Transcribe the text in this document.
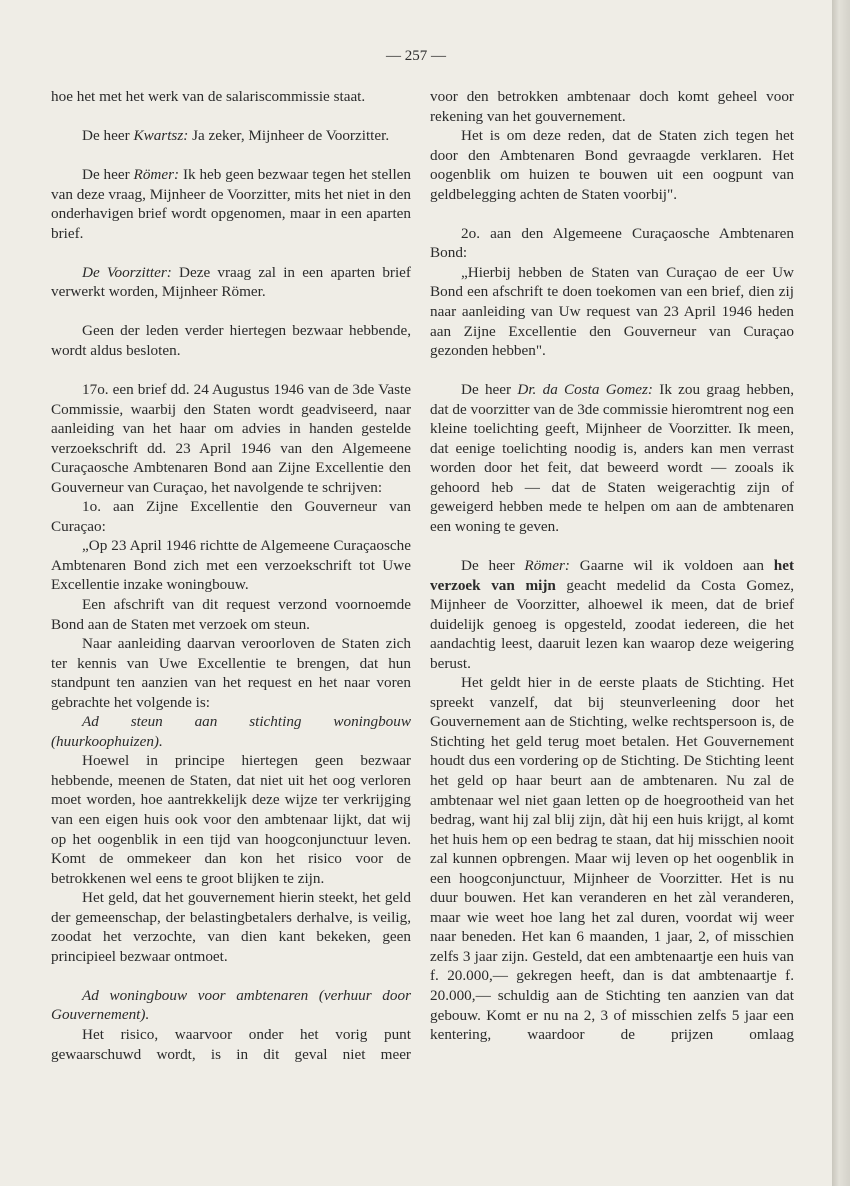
— 257 —

hoe het met het werk van de salariscommissie staat.

De heer Kwartsz: Ja zeker, Mijnheer de Voorzitter.

De heer Römer: Ik heb geen bezwaar tegen het stellen van deze vraag, Mijnheer de Voorzitter, mits het niet in den onderhavigen brief wordt opgenomen, maar in een aparten brief.

De Voorzitter: Deze vraag zal in een aparten brief verwerkt worden, Mijnheer Römer.

Geen der leden verder hiertegen bezwaar hebbende, wordt aldus besloten.

17o. een brief dd. 24 Augustus 1946 van de 3de Vaste Commissie, waarbij den Staten wordt geadviseerd, naar aanleiding van het haar om advies in handen gestelde verzoekschrift dd. 23 April 1946 van den Algemeene Curaçaosche Ambtenaren Bond aan Zijne Excellentie den Gouverneur van Curaçao, het navolgende te schrijven:

1o. aan Zijne Excellentie den Gouverneur van Curaçao:

„Op 23 April 1946 richtte de Algemeene Curaçaosche Ambtenaren Bond zich met een verzoekschrift tot Uwe Excellentie inzake woningbouw.

Een afschrift van dit request verzond voornoemde Bond aan de Staten met verzoek om steun.

Naar aanleiding daarvan veroorloven de Staten zich ter kennis van Uwe Excellentie te brengen, dat hun standpunt ten aanzien van het request en het naar voren gebrachte het volgende is:

Ad steun aan stichting woningbouw (huurkoophuizen).

Hoewel in principe hiertegen geen bezwaar hebbende, meenen de Staten, dat niet uit het oog verloren moet worden, hoe aantrekkelijk deze wijze ter verkrijging van een eigen huis ook voor den ambtenaar lijkt, dat wij op het oogenblik in een tijd van hoogconjunctuur leven. Komt de ommekeer dan kon het risico voor de betrokkenen wel eens te groot blijken te zijn.

Het geld, dat het gouvernement hierin steekt, het geld der gemeenschap, der belastingbetalers derhalve, is veilig, zoodat het verzochte, van dien kant bekeken, geen principieel bezwaar ontmoet.

Ad woningbouw voor ambtenaren (verhuur door Gouvernement).

Het risico, waarvoor onder het vorig punt gewaarschuwd wordt, is in dit geval niet meer

voor den betrokken ambtenaar doch komt geheel voor rekening van het gouvernement.

Het is om deze reden, dat de Staten zich tegen het door den Ambtenaren Bond gevraagde verklaren. Het oogenblik om huizen te bouwen uit een oogpunt van geldbelegging achten de Staten voorbij".

2o. aan den Algemeene Curaçaosche Ambtenaren Bond:

„Hierbij hebben de Staten van Curaçao de eer Uw Bond een afschrift te doen toekomen van een brief, dien zij naar aanleiding van Uw request van 23 April 1946 heden aan Zijne Excellentie den Gouverneur van Curaçao gezonden hebben".

De heer Dr. da Costa Gomez: Ik zou graag hebben, dat de voorzitter van de 3de commissie hieromtrent nog een kleine toelichting geeft, Mijnheer de Voorzitter. Ik meen, dat eenige toelichting noodig is, anders kan men verrast worden door het feit, dat beweerd wordt — zooals ik gehoord heb — dat de Staten weigerachtig zijn of geweigerd hebben mede te helpen om aan de ambtenaren een woning te geven.

De heer Römer: Gaarne wil ik voldoen aan het verzoek van mijn geacht medelid da Costa Gomez, Mijnheer de Voorzitter, alhoewel ik meen, dat de brief duidelijk genoeg is opgesteld, zoodat iedereen, die het aandachtig leest, daaruit lezen kan waarop deze weigering berust.

Het geldt hier in de eerste plaats de Stichting. Het spreekt vanzelf, dat bij steunverleening door het Gouvernement aan de Stichting, welke rechtspersoon is, de Stichting het geld terug moet betalen. Het Gouvernement houdt dus een vordering op de Stichting. De Stichting leent het geld op haar beurt aan de ambtenaren. Nu zal de ambtenaar wel niet gaan letten op de hoegrootheid van het bedrag, want hij zal blij zijn, dàt hij een huis krijgt, al komt het huis hem op een bedrag te staan, dat hij misschien nooit zal kunnen opbrengen. Maar wij leven op het oogenblik in een hoogconjunctuur, Mijnheer de Voorzitter. Het is nu duur bouwen. Het kan veranderen en het zàl veranderen, maar wie weet hoe lang het zal duren, voordat wij weer naar beneden. Het kan 6 maanden, 1 jaar, 2, of misschien zelfs 3 jaar zijn. Gesteld, dat een ambtenaartje een huis van f. 20.000,— gekregen heeft, dan is dat ambtenaartje f. 20.000,— schuldig aan de Stichting ten aanzien van dat gebouw. Komt er nu na 2, 3 of misschien zelfs 5 jaar een kentering, waardoor de prijzen omlaag
